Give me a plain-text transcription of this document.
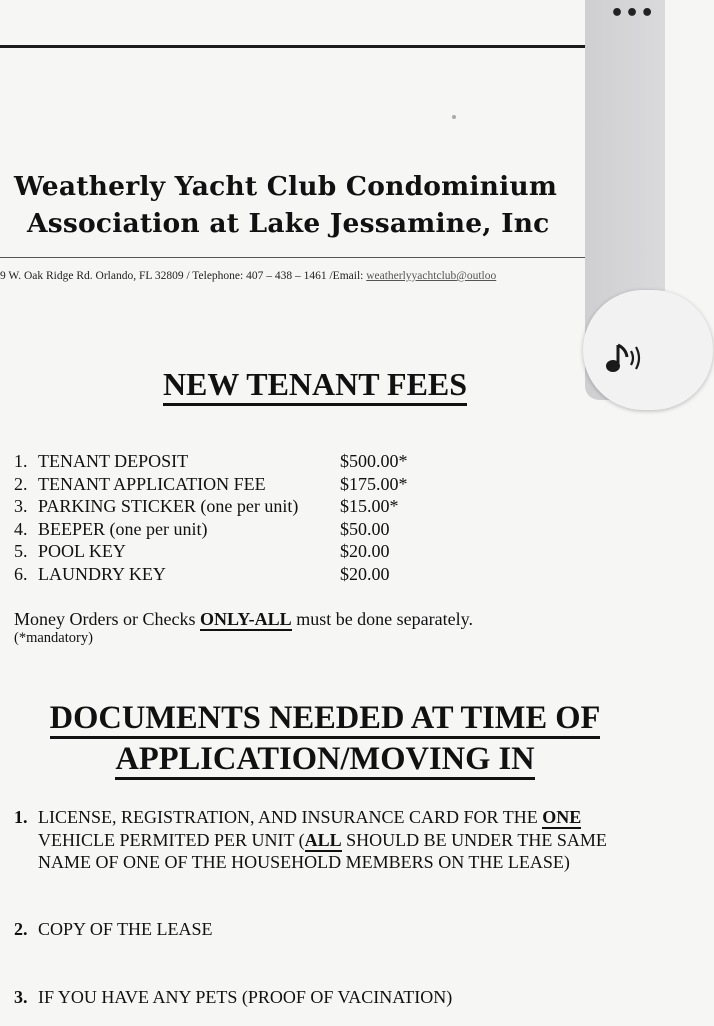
Weatherly Yacht Club Condominium
Association at Lake Jessamine, Inc
9 W. Oak Ridge Rd. Orlando, FL 32809 / Telephone: 407 – 438 – 1461 /Email: weatherlyyachtclub@outloo
NEW TENANT FEES
1. TENANT DEPOSIT	$500.00*
2. TENANT APPLICATION FEE	$175.00*
3. PARKING STICKER (one per unit) $15.00*
4. BEEPER (one per unit)	$50.00
5. POOL KEY	$20.00
6. LAUNDRY KEY	$20.00
Money Orders or Checks ONLY-ALL must be done separately.
(*mandatory)
DOCUMENTS NEEDED AT TIME OF
APPLICATION/MOVING IN
1. LICENSE, REGISTRATION, AND INSURANCE CARD FOR THE ONE VEHICLE PERMITED PER UNIT (ALL SHOULD BE UNDER THE SAME NAME OF ONE OF THE HOUSEHOLD MEMBERS ON THE LEASE)
2. COPY OF THE LEASE
3. IF YOU HAVE ANY PETS (PROOF OF VACINATION)
•••
